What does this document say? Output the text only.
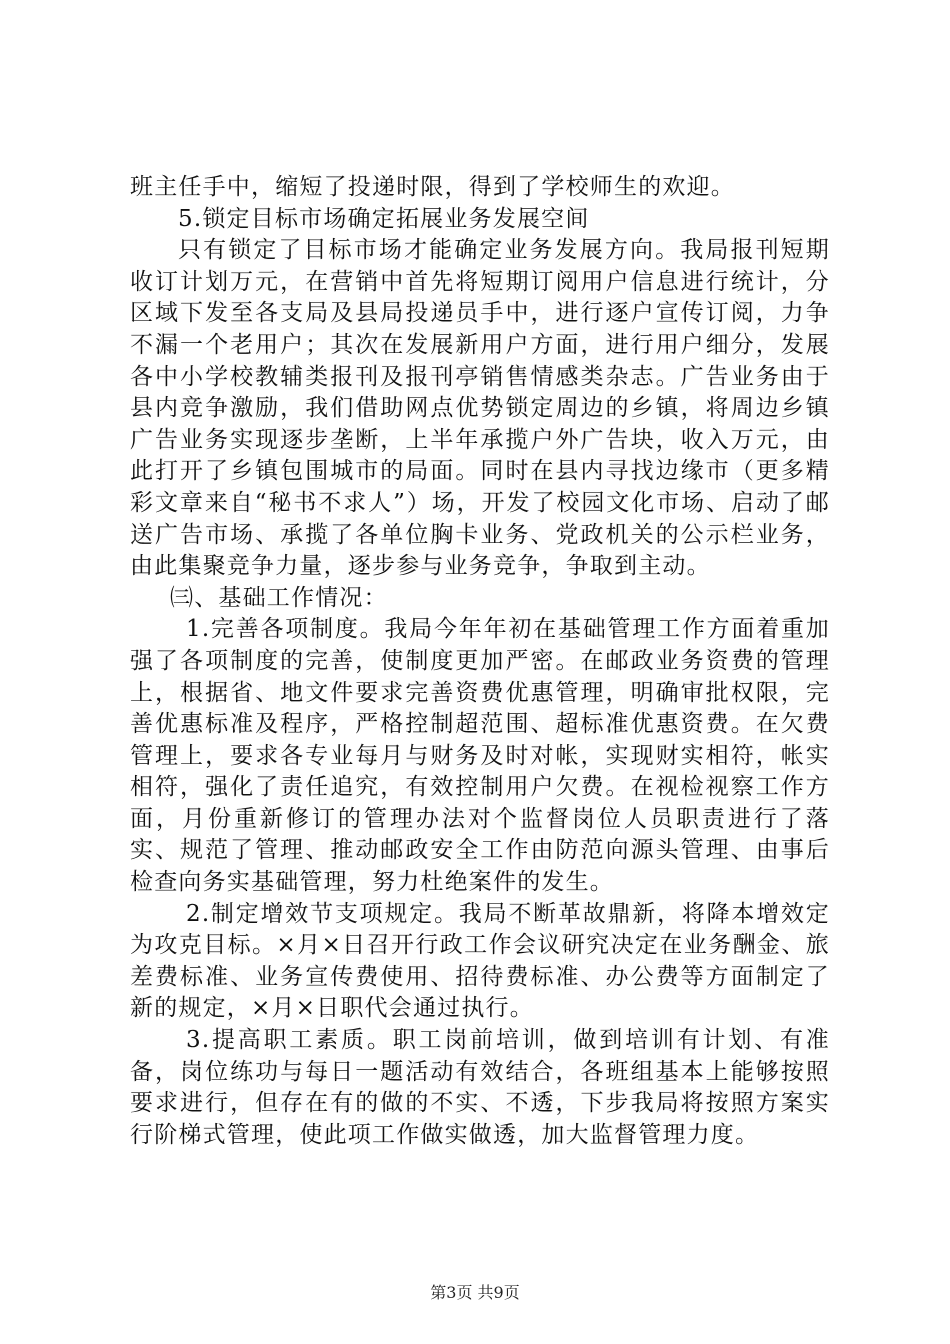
班主任手中，缩短了投递时限，得到了学校师生的欢迎。

5.锁定目标市场确定拓展业务发展空间

只有锁定了目标市场才能确定业务发展方向。我局报刊短期收订计划万元，在营销中首先将短期订阅用户信息进行统计，分区域下发至各支局及县局投递员手中，进行逐户宣传订阅，力争不漏一个老用户；其次在发展新用户方面，进行用户细分，发展各中小学校教辅类报刊及报刊亭销售情感类杂志。广告业务由于县内竞争激励，我们借助网点优势锁定周边的乡镇，将周边乡镇广告业务实现逐步垄断，上半年承揽户外广告块，收入万元，由此打开了乡镇包围城市的局面。同时在县内寻找边缘市（更多精彩文章来自“秘书不求人”）场，开发了校园文化市场、启动了邮送广告市场、承揽了各单位胸卡业务、党政机关的公示栏业务，由此集聚竞争力量，逐步参与业务竞争，争取到主动。

㈢、基础工作情况：

1.完善各项制度。我局今年年初在基础管理工作方面着重加强了各项制度的完善，使制度更加严密。在邮政业务资费的管理上，根据省、地文件要求完善资费优惠管理，明确审批权限，完善优惠标准及程序，严格控制超范围、超标准优惠资费。在欠费管理上，要求各专业每月与财务及时对帐，实现财实相符，帐实相符，强化了责任追究，有效控制用户欠费。在视检视察工作方面，月份重新修订的管理办法对个监督岗位人员职责进行了落实、规范了管理、推动邮政安全工作由防范向源头管理、由事后检查向务实基础管理，努力杜绝案件的发生。

2.制定增效节支项规定。我局不断革故鼎新，将降本增效定为攻克目标。×月×日召开行政工作会议研究决定在业务酬金、旅差费标准、业务宣传费使用、招待费标准、办公费等方面制定了新的规定，×月×日职代会通过执行。

3.提高职工素质。职工岗前培训，做到培训有计划、有准备，岗位练功与每日一题活动有效结合，各班组基本上能够按照要求进行，但存在有的做的不实、不透，下步我局将按照方案实行阶梯式管理，使此项工作做实做透，加大监督管理力度。

第3页 共9页
